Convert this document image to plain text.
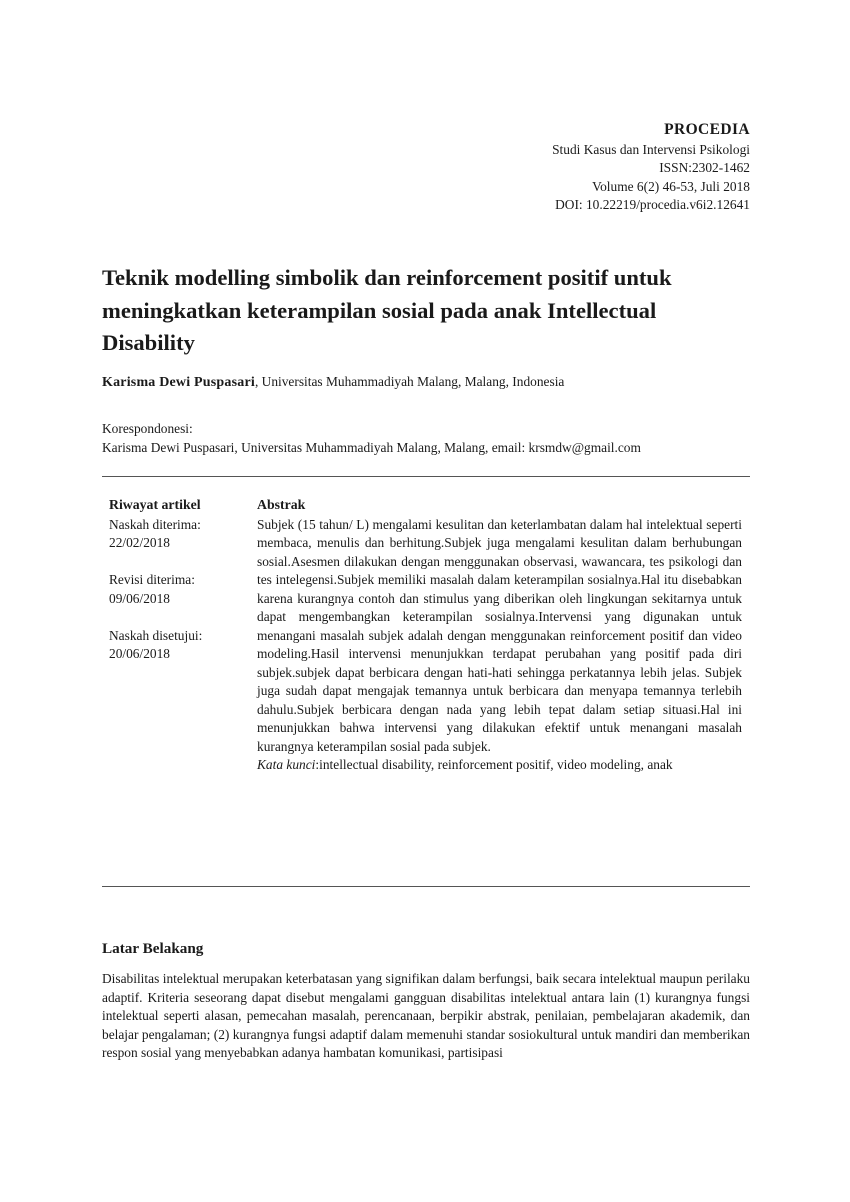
PROCEDIA
Studi Kasus dan Intervensi Psikologi
ISSN:2302-1462
Volume 6(2) 46-53, Juli 2018
DOI: 10.22219/procedia.v6i2.12641
Teknik modelling simbolik dan reinforcement positif untuk meningkatkan keterampilan sosial pada anak Intellectual Disability
Karisma Dewi Puspasari, Universitas Muhammadiyah Malang, Malang, Indonesia
Korespondonesi:
Karisma Dewi Puspasari, Universitas Muhammadiyah Malang, Malang, email: krsmdw@gmail.com
Riwayat artikel
Naskah diterima:
22/02/2018
Revisi diterima:
09/06/2018
Naskah disetujui:
20/06/2018
Abstrak

Subjek (15 tahun/ L) mengalami kesulitan dan keterlambatan dalam hal intelektual seperti membaca, menulis dan berhitung.Subjek juga mengalami kesulitan dalam berhubungan sosial.Asesmen dilakukan dengan menggunakan observasi, wawancara, tes psikologi dan tes intelegensi.Subjek memiliki masalah dalam keterampilan sosialnya.Hal itu disebabkan karena kurangnya contoh dan stimulus yang diberikan oleh lingkungan sekitarnya untuk dapat mengembangkan keterampilan sosialnya.Intervensi yang digunakan untuk menangani masalah subjek adalah dengan menggunakan reinforcement positif dan video modeling.Hasil intervensi menunjukkan terdapat perubahan yang positif pada diri subjek.subjek dapat berbicara dengan hati-hati sehingga perkatannya lebih jelas. Subjek juga sudah dapat mengajak temannya untuk berbicara dan menyapa temannya terlebih dahulu.Subjek berbicara dengan nada yang lebih tepat dalam setiap situasi.Hal ini menunjukkan bahwa intervensi yang dilakukan efektif untuk menangani masalah kurangnya keterampilan sosial pada subjek.

Kata kunci:intellectual disability, reinforcement positif, video modeling, anak

Latar Belakang

Disabilitas intelektual merupakan keterbatasan yang signifikan dalam berfungsi, baik secara intelektual maupun perilaku adaptif. Kriteria seseorang dapat disebut mengalami gangguan disabilitas intelektual antara lain (1) kurangnya fungsi intelektual seperti alasan, pemecahan masalah, perencanaan, berpikir abstrak, penilaian, pembelajaran akademik, dan belajar pengalaman; (2) kurangnya fungsi adaptif dalam memenuhi standar sosiokultural untuk mandiri dan memberikan respon sosial yang menyebabkan adanya hambatan komunikasi, partisipasi
